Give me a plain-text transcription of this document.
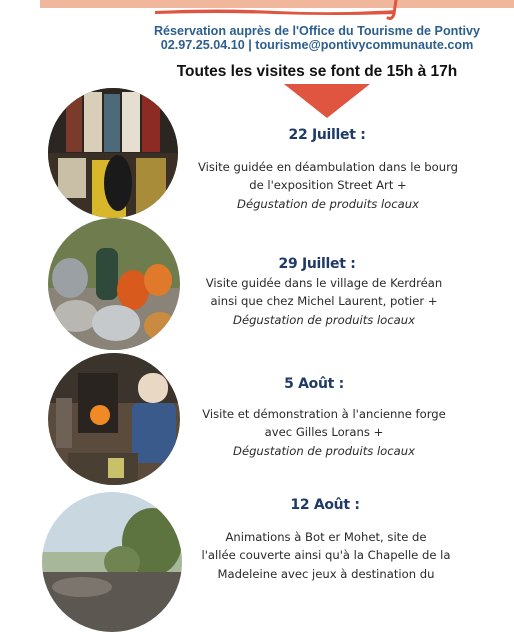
Réservation auprès de l'Office du Tourisme de Pontivy
02.97.25.04.10 | tourisme@pontivycommunaute.com
Toutes les visites se font de 15h à 17h
22 Juillet :
Visite guidée en déambulation dans le bourg
de l'exposition Street Art +
Dégustation de produits locaux
29 Juillet :
Visite guidée dans le village de Kerdréan
ainsi que chez Michel Laurent, potier +
Dégustation de produits locaux
5 Août :
Visite et démonstration à l'ancienne forge
avec Gilles Lorans +
Dégustation de produits locaux
12 Août :
Animations à Bot er Mohet, site de
l'allée couverte ainsi qu'à la Chapelle de la
Madeleine avec jeux à destination du
